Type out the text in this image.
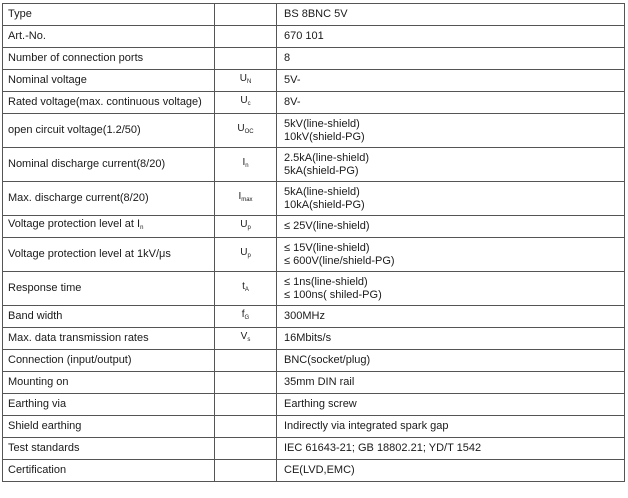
Type		BS 8BNC 5V

Art.-No.		670 101

Number of connection ports		8

Nominal voltage	UN	5V-

Rated voltage(max. continuous voltage)	Uc	8V-

open circuit voltage(1.2/50)	UOC	5kV(line-shield)
10kV(shield-PG)

Nominal discharge current(8/20)	In	2.5kA(line-shield)
5kA(shield-PG)

Max. discharge current(8/20)	Imax	5kA(line-shield)
10kA(shield-PG)

Voltage protection level at In	Up	≤ 25V(line-shield)

Voltage protection level at 1kV/μs	Up	≤ 15V(line-shield)
≤ 600V(line/shield-PG)

Response time	tA	≤ 1ns(line-shield)
≤ 100ns( shiled-PG)

Band width	fG	300MHz

Max. data transmission rates	Vs	16Mbits/s

Connection (input/output)		BNC(socket/plug)

Mounting on		35mm DIN rail

Earthing via		Earthing screw

Shield earthing		Indirectly via integrated spark gap

Test standards		IEC 61643-21; GB 18802.21; YD/T 1542

Certification		CE(LVD,EMC)
